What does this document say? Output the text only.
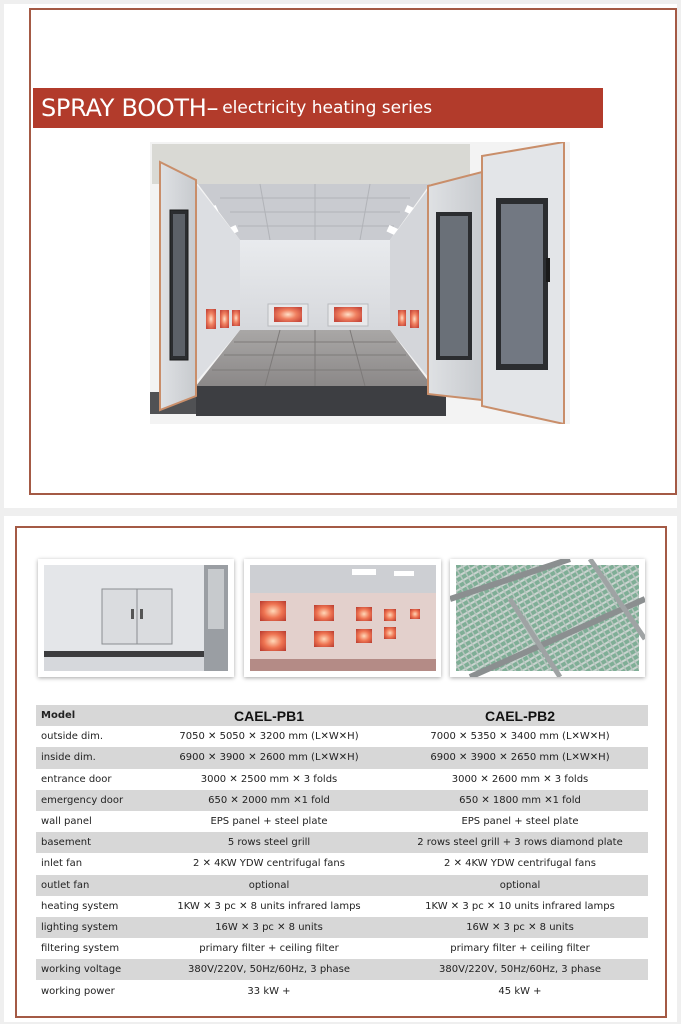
SPRAY BOOTH– electricity heating series
Model	CAEL-PB1	CAEL-PB2
outside dim.	7050 ✕ 5050 ✕ 3200 mm (L✕W✕H)	7000 ✕ 5350 ✕ 3400 mm (L✕W✕H)
inside dim.	6900 ✕ 3900 ✕ 2600 mm (L✕W✕H)	6900 ✕ 3900 ✕ 2650 mm (L✕W✕H)
entrance door	3000 ✕ 2500 mm ✕ 3 folds	3000 ✕ 2600 mm ✕ 3 folds
emergency door	650 ✕ 2000 mm ✕1 fold	650 ✕ 1800 mm ✕1 fold
wall panel	EPS panel + steel plate	EPS panel + steel plate
basement	5 rows steel grill	2 rows steel grill + 3 rows diamond plate
inlet fan	2 ✕ 4KW YDW centrifugal fans	2 ✕ 4KW YDW centrifugal fans
outlet fan	optional	optional
heating system	1KW ✕ 3 pc ✕ 8 units infrared lamps	1KW ✕ 3 pc ✕ 10 units infrared lamps
lighting system	16W ✕ 3 pc ✕ 8 units	16W ✕ 3 pc ✕ 8 units
filtering system	primary filter + ceiling filter	primary filter + ceiling filter
working voltage	380V/220V, 50Hz/60Hz, 3 phase	380V/220V, 50Hz/60Hz, 3 phase
working power	33 kW +	45 kW +
